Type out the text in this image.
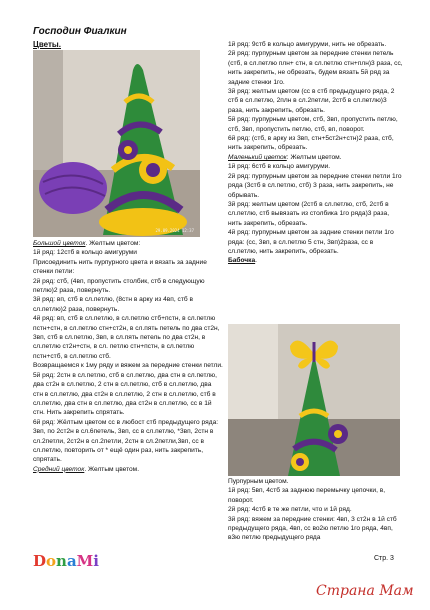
Господин Фиалкин
Цветы.
29.09.2024 12:37

Большой цветок. Желтым цветом:

1й ряд: 12стб в кольцо амигуруми

Присоединить нить пурпурного цвета и вязать за задние стенки петли:

2й ряд: стб, (4вп, пропустить столбик, стб в следующую петлю)2 раза, повернуть.

3й ряд: вп, стб в сл.петлю, (8стн в арку из 4вп, стб в сл.петлю)2 раза, повернуть.

4й ряд: вп, стб в сл.петлю, в сл.петлю стб+пстн, в сл.петлю пстн+стн, в сл.петлю стн+ст2н, в сл.пять петель по два ст2н, 3вп, стб в сл.петлю, 3вп, в сл.пять петель по два ст2н, в сл.петлю ст2н+стн, в сл. петлю стн+пстн, в сл.петлю пстн+стб, в сл.петлю стб.

Возвращаемся к 1му ряду и вяжем за передние стенки петли.

5й ряд: 2стн в сл.петлю, стб в сл.петлю, два стн в сл.петлю, два ст2н в сл.петлю, 2 стн в сл.петлю, стб в сл.петлю, два стн в сл.петлю, два ст2н в сл.петлю, 2 стн в сл.петлю, стб в сл.петлю, два стн в сл.петлю, два ст2н в сл.петлю, сс в 1й стн. Нить закрепить спрятать.

6й ряд: Жёлтым цветом сс в любост стб предыдущего ряда: 3вп, по 2ст2н в сл.6петель, 3вп, сс в сл.петлю, *3вп, 2стн в сл.2петли, 2ст2н в сл.2петли, 2стн в сл.2петли,3вп, сс в сл.петлю, повторить от * ещё один раз, нить закрепить, спрятать.

Средний цветок. Желтым цветом.

1й ряд: 9стб в кольцо амигуруми, нить не обрезать.

2й ряд: пурпурным цветом за передние стенки петель (стб, в сл.петлю плн+ стн, в сл.петлю стн+плн)3 раза, сс, нить закрепить, не обрезать, будем вязать 5й ряд за задние стенки 1го.

3й ряд: желтым цветом (сс в стб предыдущего ряда, 2 стб в сл.петлю, 2плн в сл.2петли, 2стб в сл.петлю)3 раза, нить закрепить, обрезать.

5й ряд: пурпурным цветом, стб, 3вп, пропустить петлю, стб, 3вп, пропустить петлю, стб, вп, поворот.

6й ряд: (стб, в арку из 3вп, стн+5ст2н+стн)2 раза, стб, нить закрепить, обрезать.

Маленький цветок: Желтым цветом.

1й ряд: 6стб в кольцо амигуруми.

2й ряд: пурпурным цветом за передние стенки петли 1го ряда (3стб в сл.петлю, стб) 3 раза, нить закрепить, не обрывать.

3й ряд: желтым цветом (2стб в сл.петлю, стб, 2стб в сл.петлю, стб вывязать из столбика 1го ряда)3 раза, нить закрепить, обрезать.

4й ряд: пурпурным цветом за задние стенки петли 1го ряда: (сс, 3вп, в сл.петлю 5 стн, 3вп)2раза, сс в сл.петлю, нить закрепить, обрезать.

Бабочка.

Пурпурным цветом.

1й ряд: 5вп, 4стб за заднюю перемычку цепочки, в, поворот.

2й ряд: 4стб в те же петли, что и 1й ряд.

3й ряд: вяжем за передние стенки: 4вп, 3 ст2н в 1й стб предыдущего ряда, 4вп, сс во2ю петлю 1го ряда, 4вп, в3ю петлю предыдущего ряда

DonaMi	Стр. 3
Страна Мам
